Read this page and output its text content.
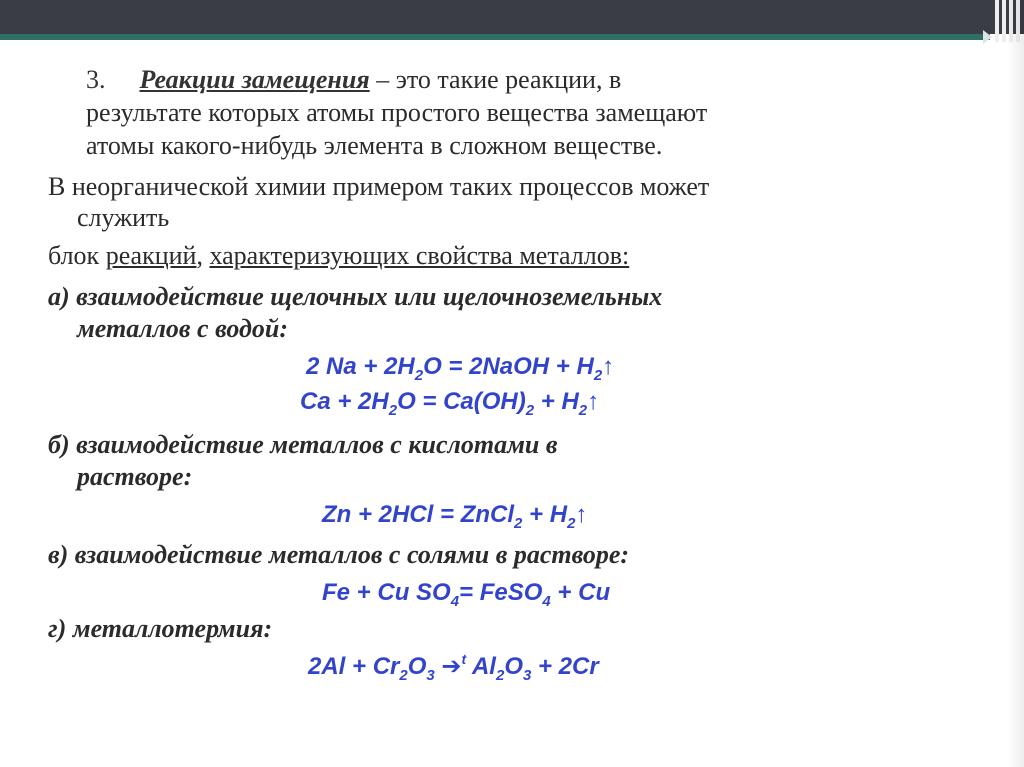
3. Реакции замещения – это такие реакции, в
результате которых атомы простого вещества замещают
атомы какого-нибудь элемента в сложном веществе.
В неорганической химии примером таких процессов может
служить
блок реакций, характеризующих свойства металлов:
а) взаимодействие щелочных или щелочноземельных
металлов с водой:
2 $Na + 2H_2O$ = 2NaOH + $H_2↑$
$Ca + 2H_2O = Ca(OH)_2$ + $H_2↑$
б) взаимодействие металлов с кислотами в
растворе:
Zn + 2HCl = ZnCl$_2$ + $H_2↑$
в) взаимодействие металлов с солями в растворе:
Fe + Cu $SO_4=$ FeSO$_4$ + Cu
г) металлотермия:
$2Al + Cr_2O_3$ ➔$^t$ $Al_2O_3 + 2Cr$
